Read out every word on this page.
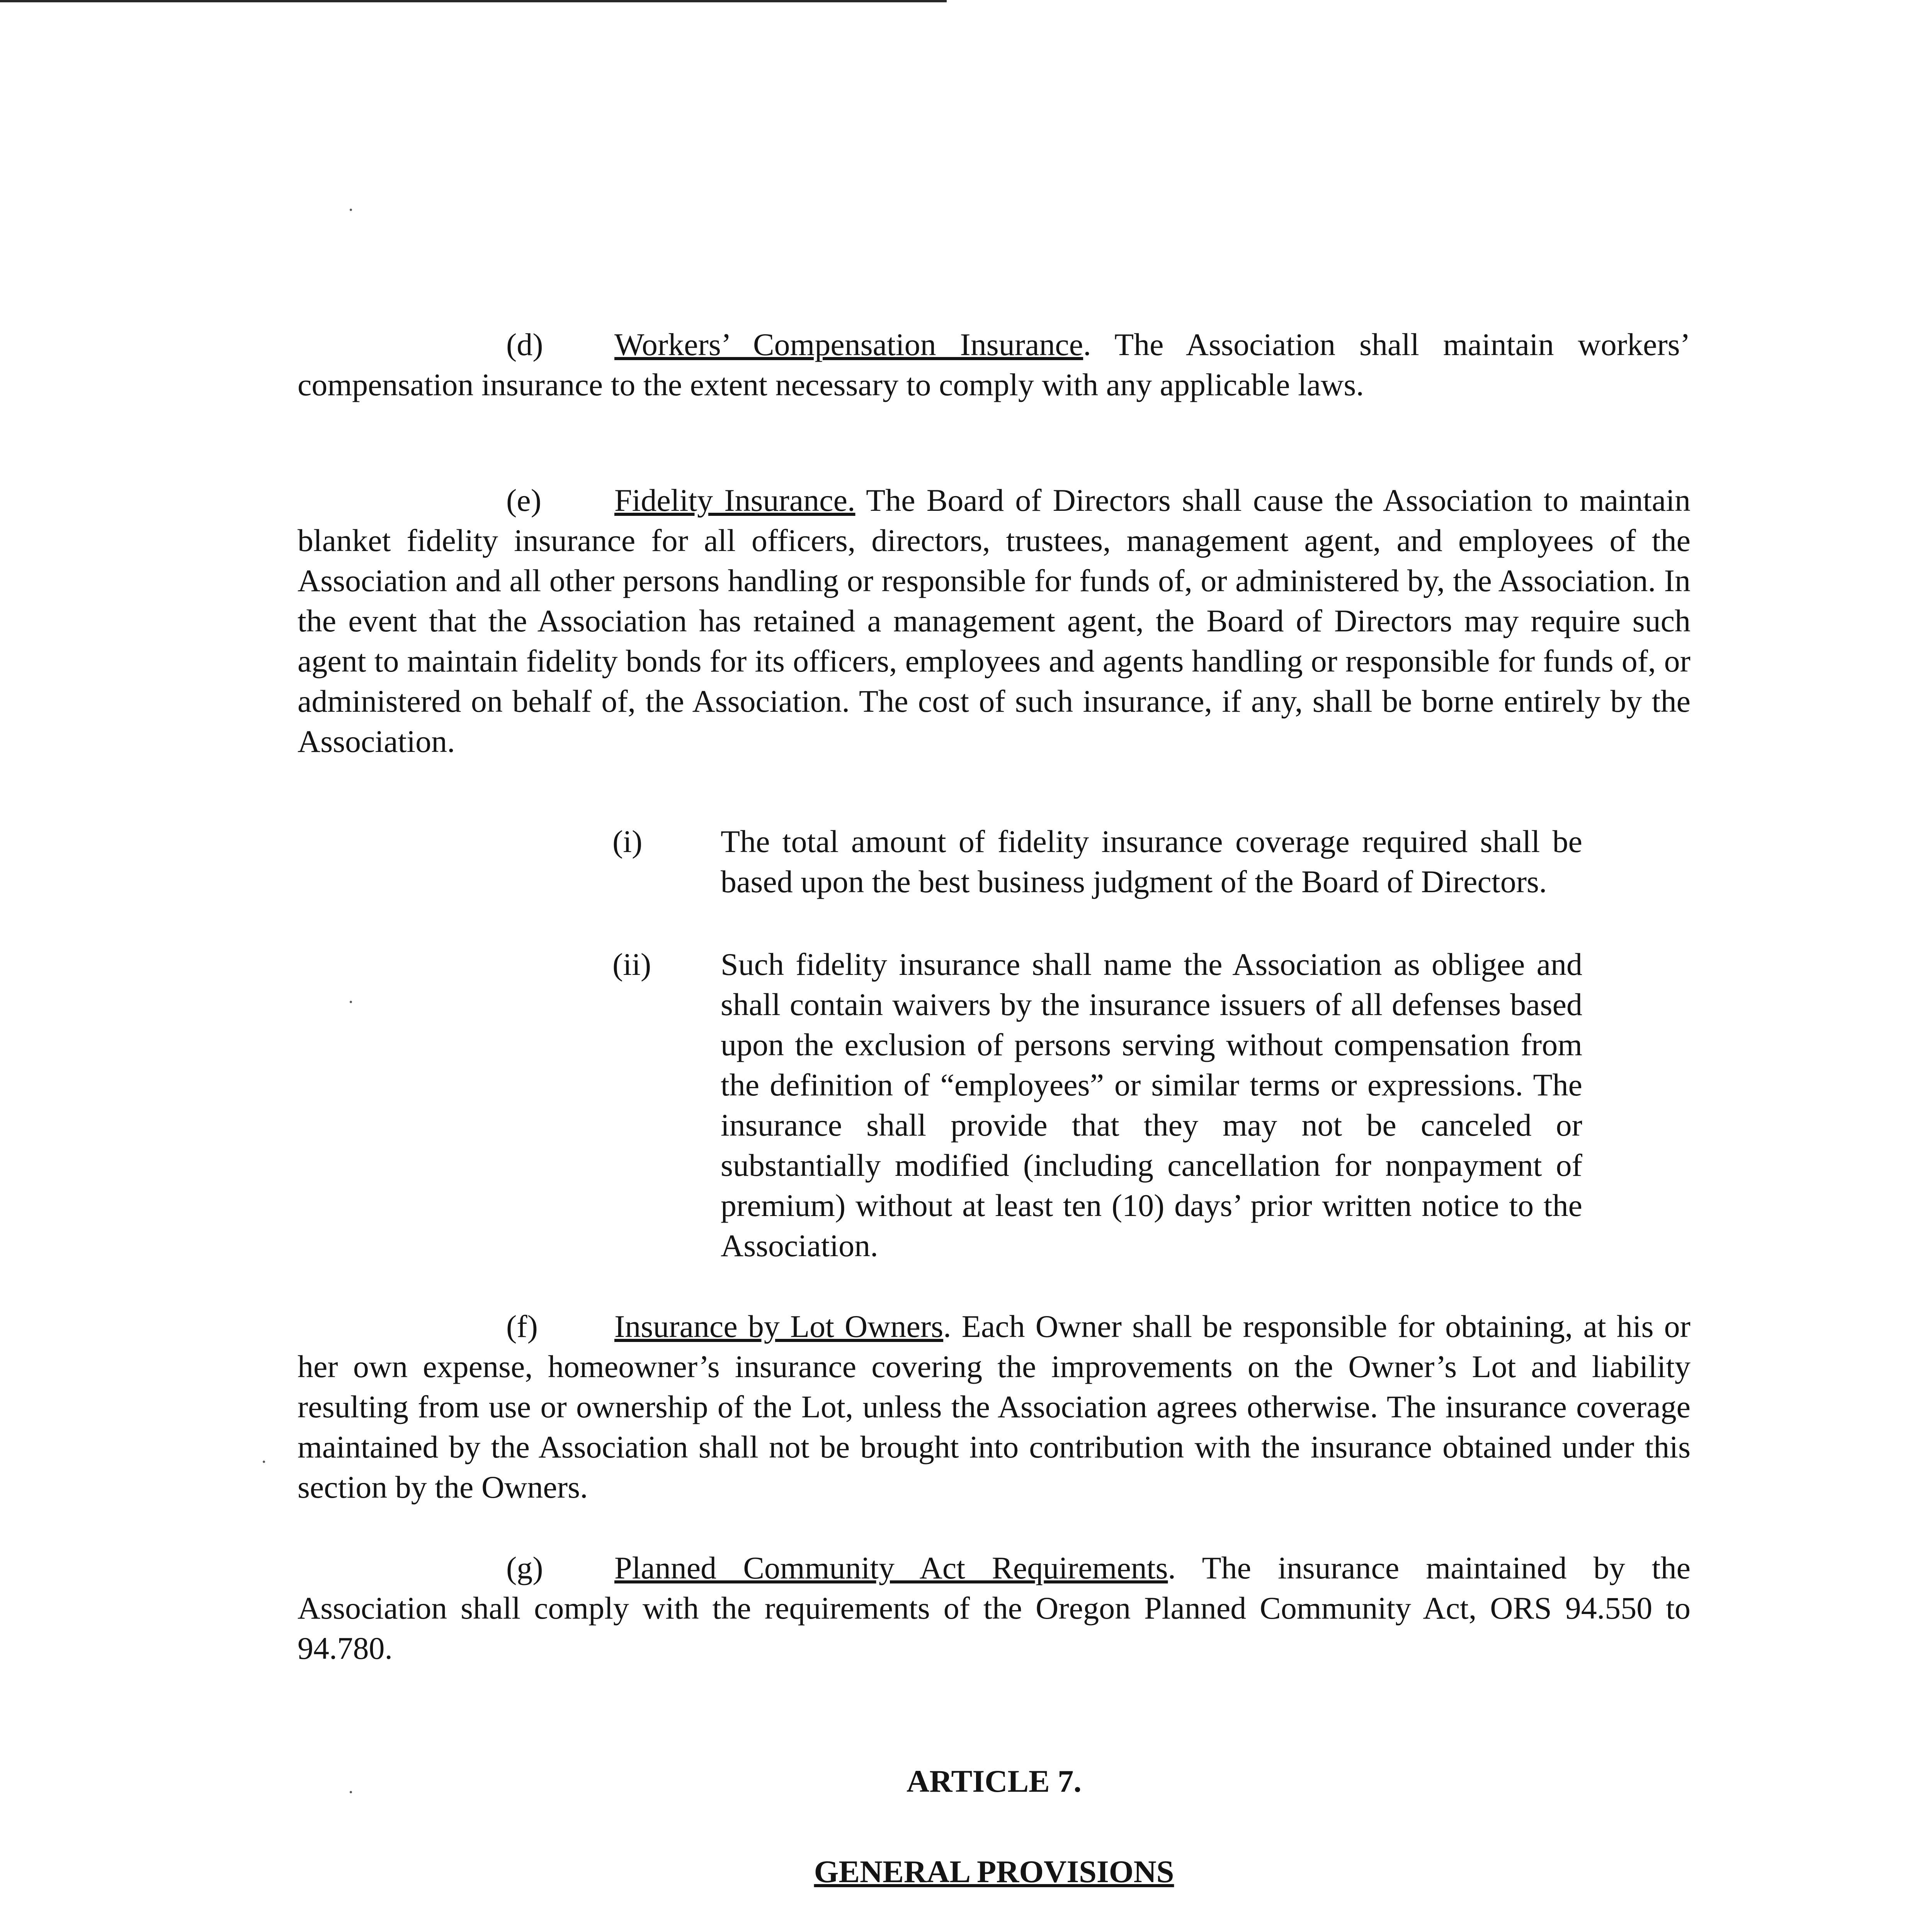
(d) Workers’ Compensation Insurance. The Association shall maintain workers’ compensation insurance to the extent necessary to comply with any applicable laws.

(e) Fidelity Insurance. The Board of Directors shall cause the Association to maintain blanket fidelity insurance for all officers, directors, trustees, management agent, and employees of the Association and all other persons handling or responsible for funds of, or administered by, the Association. In the event that the Association has retained a management agent, the Board of Directors may require such agent to maintain fidelity bonds for its officers, employees and agents handling or responsible for funds of, or administered on behalf of, the Association. The cost of such insurance, if any, shall be borne entirely by the Association.

(i) The total amount of fidelity insurance coverage required shall be based upon the best business judgment of the Board of Directors.
(ii) Such fidelity insurance shall name the Association as obligee and shall contain waivers by the insurance issuers of all defenses based upon the exclusion of persons serving without compensation from the definition of “employees” or similar terms or expressions. The insurance shall provide that they may not be canceled or substantially modified (including cancellation for nonpayment of premium) without at least ten (10) days’ prior written notice to the Association.

(f) Insurance by Lot Owners. Each Owner shall be responsible for obtaining, at his or her own expense, homeowner’s insurance covering the improvements on the Owner’s Lot and liability resulting from use or ownership of the Lot, unless the Association agrees otherwise. The insurance coverage maintained by the Association shall not be brought into contribution with the insurance obtained under this section by the Owners.

(g) Planned Community Act Requirements. The insurance maintained by the Association shall comply with the requirements of the Oregon Planned Community Act, ORS 94.550 to 94.780.

ARTICLE 7.
GENERAL PROVISIONS
